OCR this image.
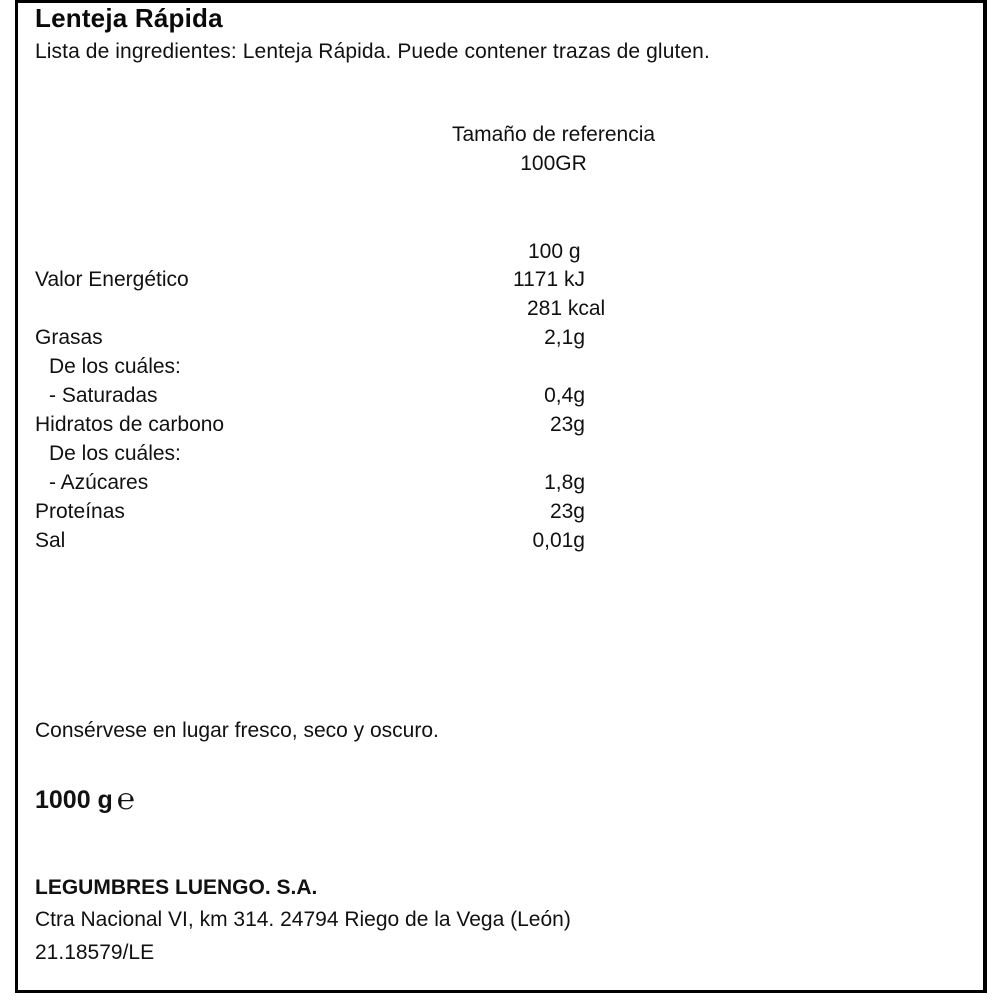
Lenteja Rápida
Lista de ingredientes: Lenteja Rápida. Puede contener trazas de gluten.
Tamaño de referencia
100GR
100 g
Valor Energético	1171 kJ
281 kcal
Grasas	2,1g
De los cuáles:
- Saturadas	0,4g
Hidratos de carbono	23g
De los cuáles:
- Azúcares	1,8g
Proteínas	23g
Sal	0,01g
Consérvese en lugar fresco, seco y oscuro.
1000 g ℮
LEGUMBRES LUENGO. S.A.
Ctra Nacional VI, km 314. 24794 Riego de la Vega (León)
21.18579/LE
